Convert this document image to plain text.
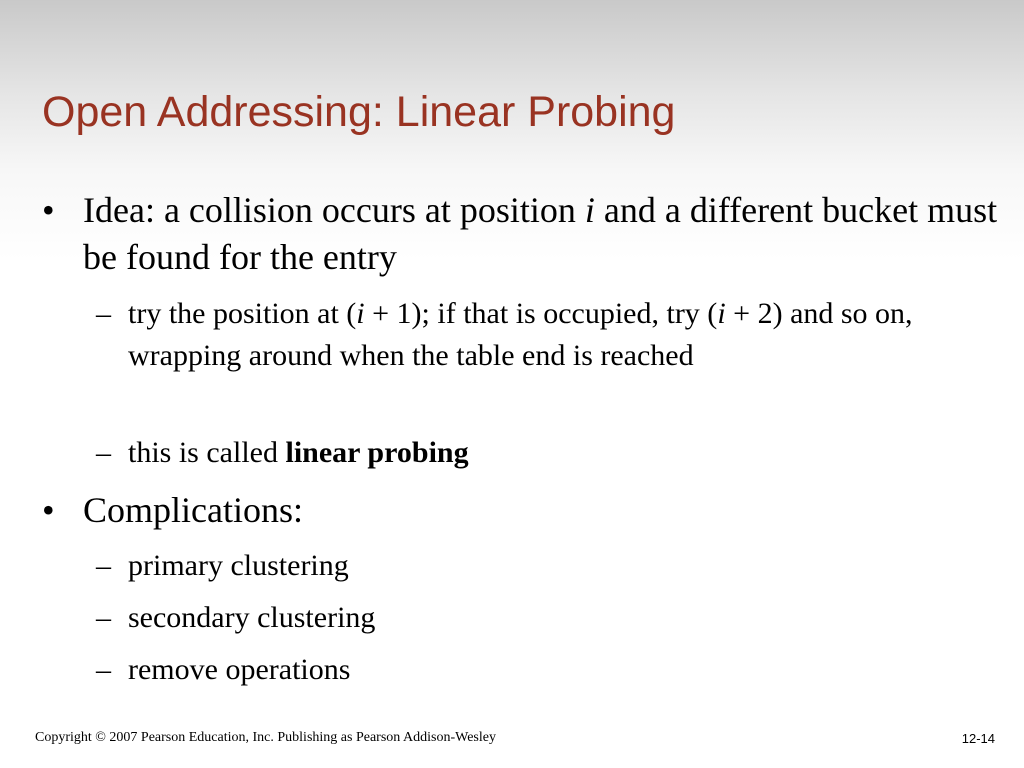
Open Addressing: Linear Probing
• Idea: a collision occurs at position i and a different bucket must be found for the entry
– try the position at (i + 1); if that is occupied, try (i + 2) and so on, wrapping around when the table end is reached
– this is called linear probing
• Complications:
– primary clustering
– secondary clustering
– remove operations
Copyright © 2007 Pearson Education, Inc. Publishing as Pearson Addison-Wesley	12-14
